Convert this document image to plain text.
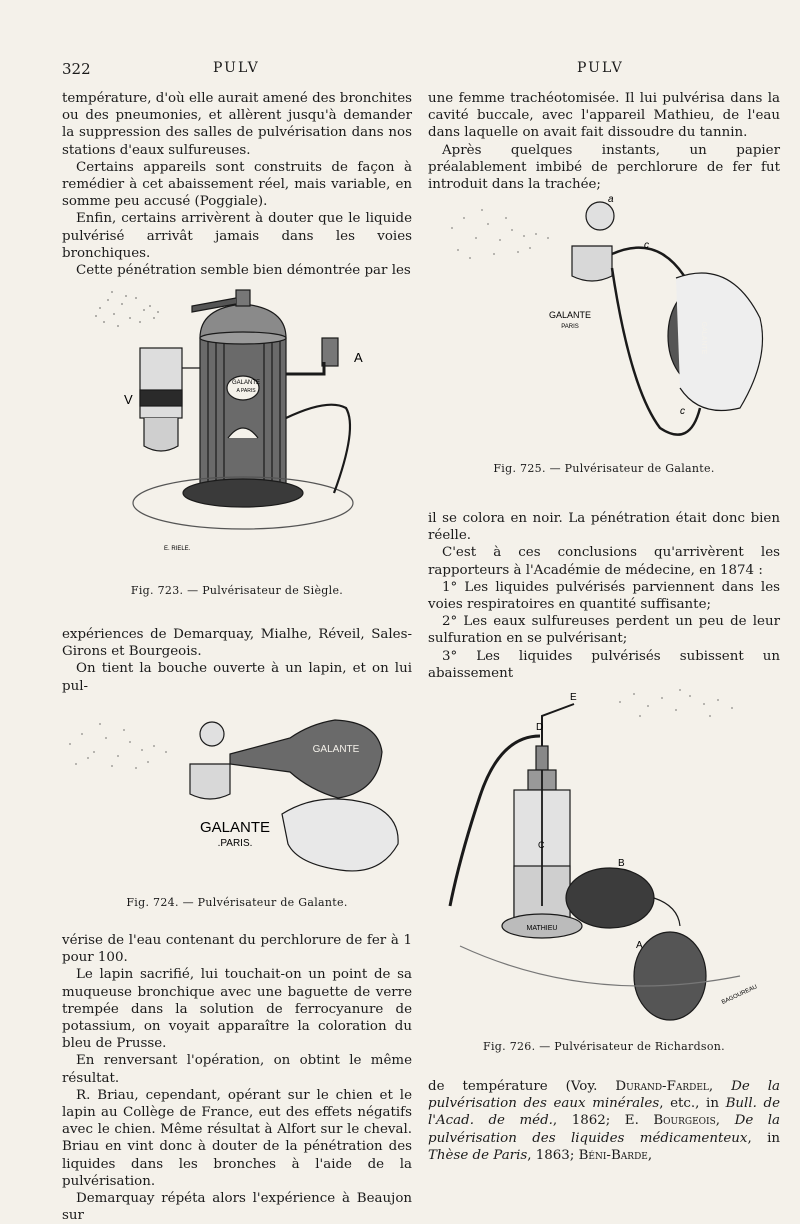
322	PULV	PULV

température, d'où elle aurait amené des bronchites ou des pneumonies, et allèrent jusqu'à demander la suppression des salles de pulvérisation dans nos stations d'eaux sulfureuses.

Certains appareils sont construits de façon à remédier à cet abaissement réel, mais variable, en somme peu accusé (Poggiale).

Enfin, certains arrivèrent à douter que le liquide pulvérisé arrivât jamais dans les voies bronchiques.

Cette pénétration semble bien démontrée par les

expériences de Demarquay, Mialhe, Réveil, Sales-Girons et Bourgeois.

On tient la bouche ouverte à un lapin, et on lui pul-

vérise de l'eau contenant du perchlorure de fer à 1 pour 100.

Le lapin sacrifié, lui touchait-on un point de sa muqueuse bronchique avec une baguette de verre trempée dans la solution de ferrocyanure de potassium, on voyait apparaître la coloration du bleu de Prusse.

En renversant l'opération, on obtint le même résultat.

R. Briau, cependant, opérant sur le chien et le lapin au Collège de France, eut des effets négatifs avec le chien. Même résultat à Alfort sur le cheval. Briau en vint donc à douter de la pénétration des liquides dans les bronches à l'aide de la pulvérisation.

Demarquay répéta alors l'expérience à Beaujon sur

une femme trachéotomisée. Il lui pulvérisa dans la cavité buccale, avec l'appareil Mathieu, de l'eau dans laquelle on avait fait dissoudre du tannin.

Après quelques instants, un papier préalablement imbibé de perchlorure de fer fut introduit dans la trachée;

il se colora en noir. La pénétration était donc bien réelle.

C'est à ces conclusions qu'arrivèrent les rapporteurs à l'Académie de médecine, en 1874 :

1° Les liquides pulvérisés parviennent dans les voies respiratoires en quantité suffisante;

2° Les eaux sulfureuses perdent un peu de leur sulfuration en se pulvérisant;

3° Les liquides pulvérisés subissent un abaissement

de température (Voy. Durand-Fardel, De la pulvérisation des eaux minérales, etc., in Bull. de l'Acad. de méd., 1862; E. Bourgeois, De la pulvérisation des liquides médicamenteux, in Thèse de Paris, 1863; Béni-Barde,

GALANTE
A PARIS
A
V
E. RIELE.
Fig. 723. — Pulvérisateur de Siègle.
GALANTE
GALANTE
.PARIS.
Fig. 724. — Pulvérisateur de Galante.
a
c
c
GALANTE
PARIS	GALANTE
Fig. 725. — Pulvérisateur de Galante.
E
D
C
B
A
MATHIEU
BAGOUREAU
Fig. 726. — Pulvérisateur de Richardson.
